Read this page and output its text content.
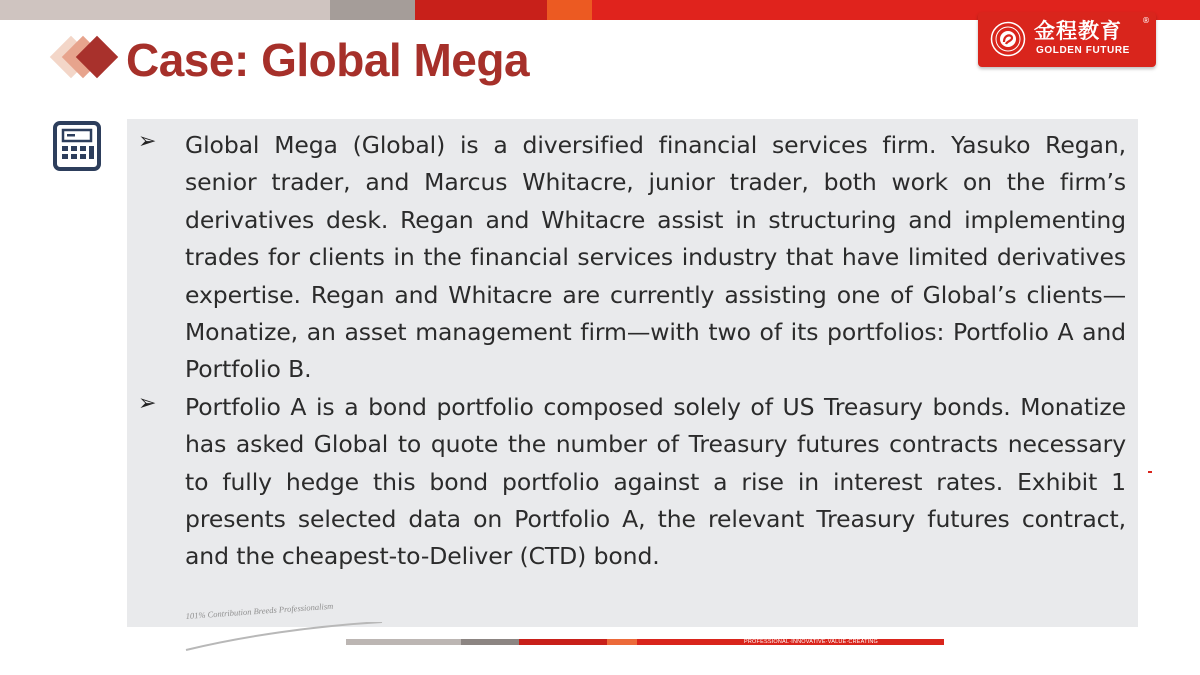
Case: Global Mega
金程教育	®
GOLDEN FUTURE
➢ Global Mega (Global) is a diversified financial services firm. Yasuko Regan, senior trader, and Marcus Whitacre, junior trader, both work on the firm’s derivatives desk. Regan and Whitacre assist in structuring and implementing trades for clients in the financial services industry that have limited derivatives expertise. Regan and Whitacre are currently assisting one of Global’s clients—Monatize, an asset management firm—with two of its portfolios: Portfolio A and Portfolio B.
➢ Portfolio A is a bond portfolio composed solely of US Treasury bonds. Monatize has asked Global to quote the number of Treasury futures contracts necessary to fully hedge this bond portfolio against a rise in interest rates. Exhibit 1 presents selected data on Portfolio A, the relevant Treasury futures contract, and the cheapest-to-Deliver (CTD) bond.
101% Contribution Breeds Professionalism
PROFESSIONAL·INNOVATIVE·VALUE·CREATING
